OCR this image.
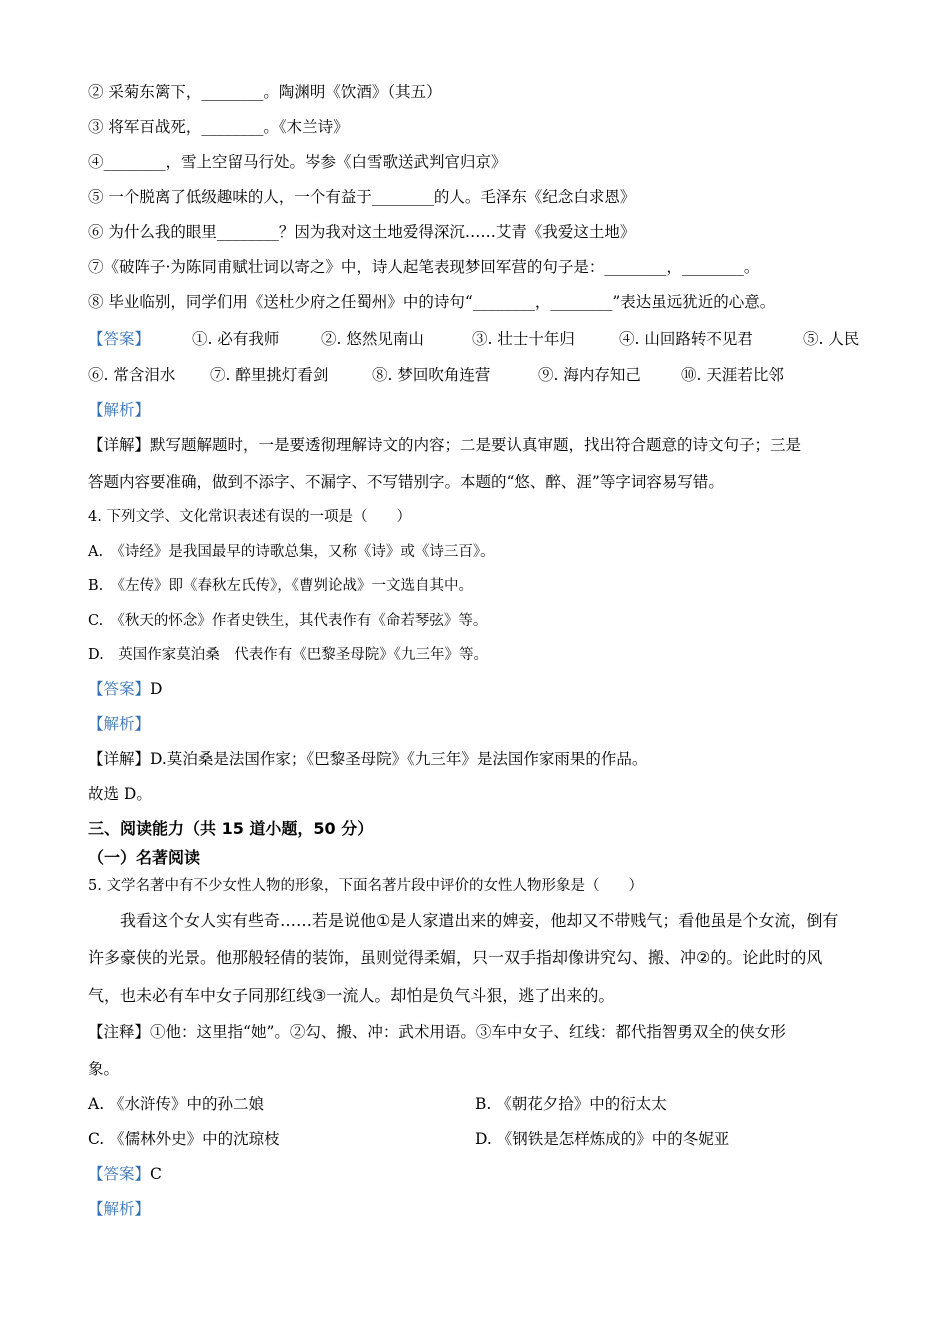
② 采菊东篱下，________。陶渊明《饮酒》（其五）
③ 将军百战死，________。《木兰诗》
④________，雪上空留马行处。岑参《白雪歌送武判官归京》
⑤ 一个脱离了低级趣味的人，一个有益于________的人。毛泽东《纪念白求恩》
⑥ 为什么我的眼里________？因为我对这土地爱得深沉……艾青《我爱这土地》
⑦《破阵子·为陈同甫赋壮词以寄之》中，诗人起笔表现梦回军营的句子是：________，________。
⑧ 毕业临别，同学们用《送杜少府之任蜀州》中的诗句“________，________”表达虽远犹近的心意。
【答案】	①. 必有我师	②. 悠然见南山	③. 壮士十年归	④. 山回路转不见君	⑤. 人民
⑥. 常含泪水 ⑦. 醉里挑灯看剑	⑧. 梦回吹角连营	⑨. 海内存知己	⑩. 天涯若比邻
【解析】
【详解】默写题解题时，一是要透彻理解诗文的内容；二是要认真审题，找出符合题意的诗文句子；三是
答题内容要准确，做到不添字、不漏字、不写错别字。本题的“悠、醉、涯”等字词容易写错。
4. 下列文学、文化常识表述有误的一项是（　　）
A.　《诗经》是我国最早的诗歌总集，又称《诗》或《诗三百》。
B.　《左传》即《春秋左氏传》，《曹刿论战》一文选自其中。
C.　《秋天的怀念》作者史铁生，其代表作有《命若琴弦》等。
D.　英国作家莫泊桑　代表作有《巴黎圣母院》《九三年》等。
【答案】D
【解析】
【详解】D.莫泊桑是法国作家；《巴黎圣母院》《九三年》是法国作家雨果的作品。
故选 D。
三、阅读能力（共 15 道小题，50 分）
（一）名著阅读
5. 文学名著中有不少女性人物的形象，下面名著片段中评价的女性人物形象是（　　）
我看这个女人实有些奇……若是说他①是人家遣出来的婢妾，他却又不带贱气；看他虽是个女流，倒有
许多豪侠的光景。他那般轻倩的装饰，虽则觉得柔媚，只一双手指却像讲究勾、搬、冲②的。论此时的风
气，也未必有车中女子同那红线③一流人。却怕是负气斗狠，逃了出来的。
【注释】①他：这里指“她”。②勾、搬、冲：武术用语。③车中女子、红线：都代指智勇双全的侠女形
象。
A. 《水浒传》中的孙二娘	B. 《朝花夕拾》中的衍太太
C. 《儒林外史》中的沈琼枝	D. 《钢铁是怎样炼成的》中的冬妮亚
【答案】C
【解析】
